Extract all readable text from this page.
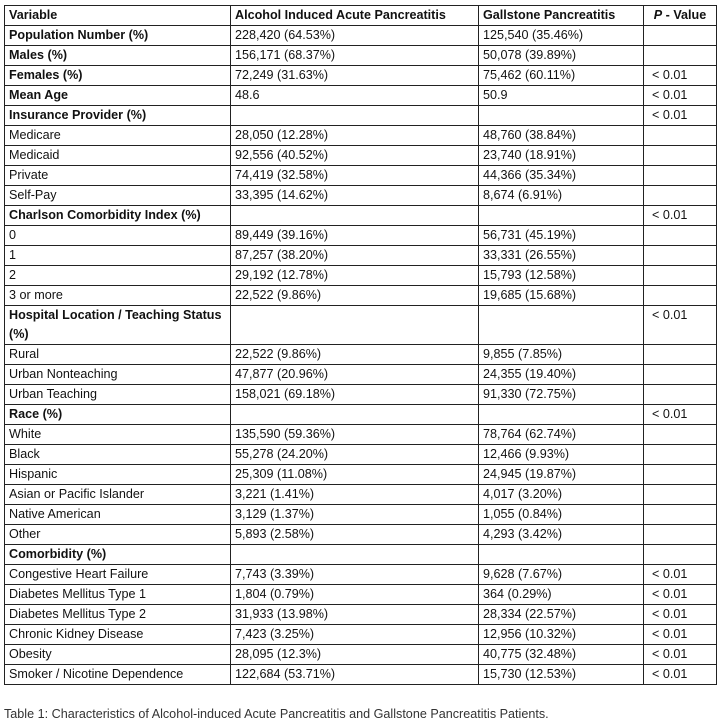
Variable	Alcohol Induced Acute Pancreatitis	Gallstone Pancreatitis	P - Value
Population Number (%)	228,420 (64.53%)	125,540 (35.46%)	
Males (%)	156,171 (68.37%)	50,078 (39.89%)	
Females (%)	72,249 (31.63%)	75,462 (60.11%)	< 0.01
Mean Age	48.6	50.9	< 0.01
Insurance Provider (%)			< 0.01
Medicare	28,050 (12.28%)	48,760 (38.84%)	
Medicaid	92,556 (40.52%)	23,740 (18.91%)	
Private	74,419 (32.58%)	44,366 (35.34%)	
Self-Pay	33,395 (14.62%)	8,674 (6.91%)	
Charlson Comorbidity Index (%)			< 0.01
0	89,449 (39.16%)	56,731 (45.19%)	
1	87,257 (38.20%)	33,331 (26.55%)	
2	29,192 (12.78%)	15,793 (12.58%)	
3 or more	22,522 (9.86%)	19,685 (15.68%)	
Hospital Location / Teaching Status (%)			< 0.01
Rural	22,522 (9.86%)	9,855 (7.85%)	
Urban Nonteaching	47,877 (20.96%)	24,355 (19.40%)	
Urban Teaching	158,021 (69.18%)	91,330 (72.75%)	
Race (%)			< 0.01
White	135,590 (59.36%)	78,764 (62.74%)	
Black	55,278 (24.20%)	12,466 (9.93%)	
Hispanic	25,309 (11.08%)	24,945 (19.87%)	
Asian or Pacific Islander	3,221 (1.41%)	4,017 (3.20%)	
Native American	3,129 (1.37%)	1,055 (0.84%)	
Other	5,893 (2.58%)	4,293 (3.42%)	
Comorbidity (%)			
Congestive Heart Failure	7,743 (3.39%)	9,628 (7.67%)	< 0.01
Diabetes Mellitus Type 1	1,804 (0.79%)	364 (0.29%)	< 0.01
Diabetes Mellitus Type 2	31,933 (13.98%)	28,334 (22.57%)	< 0.01
Chronic Kidney Disease	7,423 (3.25%)	12,956 (10.32%)	< 0.01
Obesity	28,095 (12.3%)	40,775 (32.48%)	< 0.01
Smoker / Nicotine Dependence	122,684 (53.71%)	15,730 (12.53%)	< 0.01
Table 1: Characteristics of Alcohol-induced Acute Pancreatitis and Gallstone Pancreatitis Patients.
